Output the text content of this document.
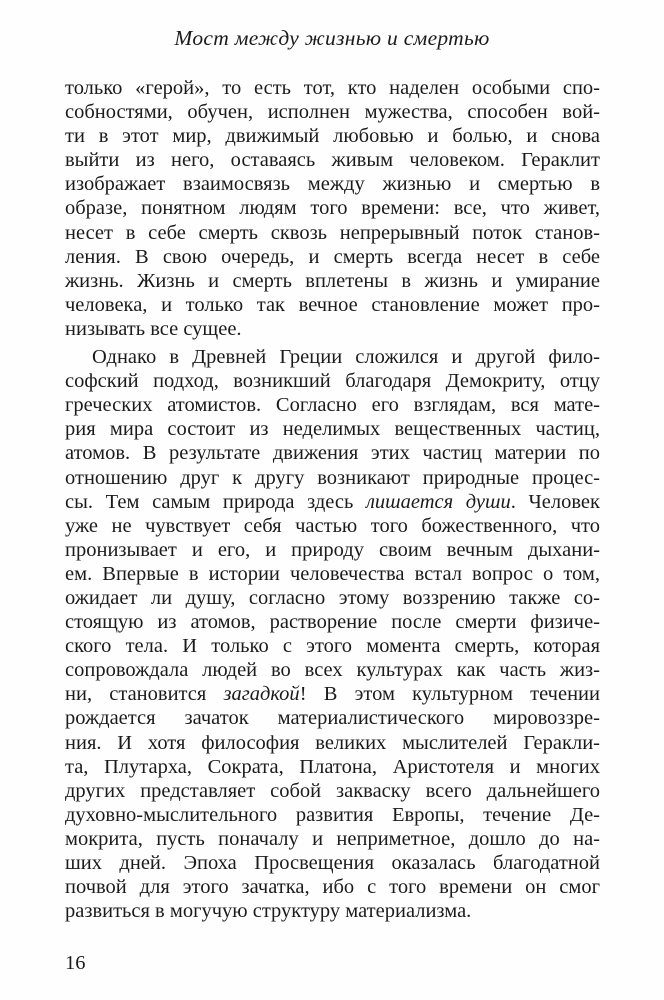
Мост между жизнью и смертью
только «герой», то есть тот, кто наделен особыми спо-
собностями, обучен, исполнен мужества, способен вой-
ти в этот мир, движимый любовью и болью, и снова
выйти из него, оставаясь живым человеком. Гераклит
изображает взаимосвязь между жизнью и смертью в
образе, понятном людям того времени: все, что живет,
несет в себе смерть сквозь непрерывный поток станов-
ления. В свою очередь, и смерть всегда несет в себе
жизнь. Жизнь и смерть вплетены в жизнь и умирание
человека, и только так вечное становление может про-
низывать все сущее.
Однако в Древней Греции сложился и другой фило-
софский подход, возникший благодаря Демокриту, отцу
греческих атомистов. Согласно его взглядам, вся мате-
рия мира состоит из неделимых вещественных частиц,
атомов. В результате движения этих частиц материи по
отношению друг к другу возникают природные процес-
сы. Тем самым природа здесь лишается души. Человек
уже не чувствует себя частью того божественного, что
пронизывает и его, и природу своим вечным дыхани-
ем. Впервые в истории человечества встал вопрос о том,
ожидает ли душу, согласно этому воззрению также со-
стоящую из атомов, растворение после смерти физиче-
ского тела. И только с этого момента смерть, которая
сопровождала людей во всех культурах как часть жиз-
ни, становится загадкой! В этом культурном течении
рождается зачаток материалистического мировоззре-
ния. И хотя философия великих мыслителей Геракли-
та, Плутарха, Сократа, Платона, Аристотеля и многих
других представляет собой закваску всего дальнейшего
духовно-мыслительного развития Европы, течение Де-
мокрита, пусть поначалу и неприметное, дошло до на-
ших дней. Эпоха Просвещения оказалась благодатной
почвой для этого зачатка, ибо с того времени он смог
развиться в могучую структуру материализма.
16
